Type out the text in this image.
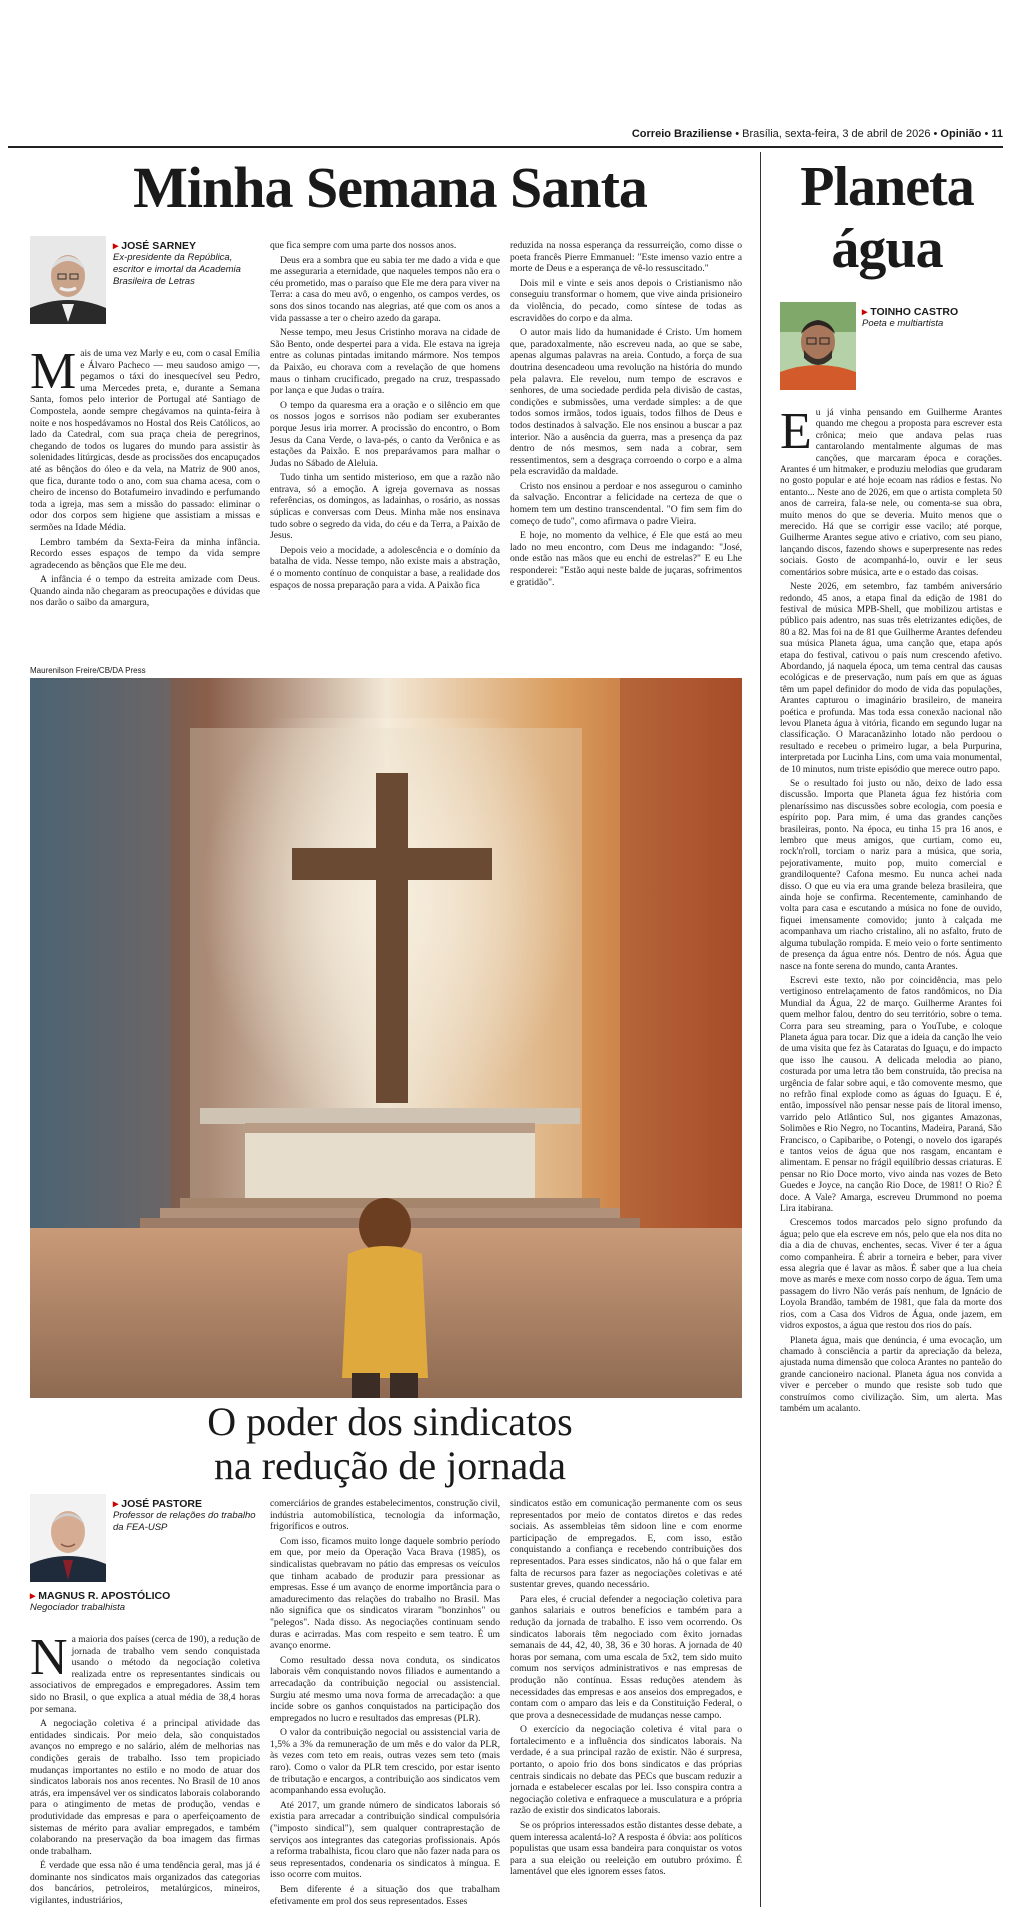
Correio Braziliense • Brasília, sexta-feira, 3 de abril de 2026 • Opinião • 11
Minha Semana Santa
▸ JOSÉ SARNEY
Ex-presidente da República, escritor e imortal da Academia Brasileira de Letras

Mais de uma vez Marly e eu, com o casal Emília e Álvaro Pacheco — meu saudoso amigo —, pegamos o táxi do inesquecível seu Pedro, uma Mercedes preta, e, durante a Semana Santa, fomos pelo interior de Portugal até Santiago de Compostela, aonde sempre chegávamos na quinta-feira à noite e nos hospedávamos no Hostal dos Reis Católicos, ao lado da Catedral, com sua praça cheia de peregrinos, chegando de todos os lugares do mundo para assistir às solenidades litúrgicas, desde as procissões dos encapuçados até as bênçãos do óleo e da vela, na Matriz de 900 anos, que fica, durante todo o ano, com sua chama acesa, com o cheiro de incenso do Botafumeiro invadindo e perfumando toda a igreja, mas sem a missão do passado: eliminar o odor dos corpos sem higiene que assistiam a missas e sermões na Idade Média.

Lembro também da Sexta-Feira da minha infância. Recordo esses espaços de tempo da vida sempre agradecendo as bênçãos que Ele me deu.

A infância é o tempo da estreita amizade com Deus. Quando ainda não chegaram as preocupações e dúvidas que nos darão o saibo da amargura,

que fica sempre com uma parte dos nossos anos.

Deus era a sombra que eu sabia ter me dado a vida e que me asseguraria a eternidade, que naqueles tempos não era o céu prometido, mas o paraíso que Ele me dera para viver na Terra: a casa do meu avô, o engenho, os campos verdes, os sons dos sinos tocando nas alegrias, até que com os anos a vida passasse a ter o cheiro azedo da garapa.

Nesse tempo, meu Jesus Cristinho morava na cidade de São Bento, onde despertei para a vida. Ele estava na igreja entre as colunas pintadas imitando mármore. Nos tempos da Paixão, eu chorava com a revelação de que homens maus o tinham crucificado, pregado na cruz, trespassado por lança e que Judas o traíra.

O tempo da quaresma era a oração e o silêncio em que os nossos jogos e sorrisos não podiam ser exuberantes porque Jesus iria morrer. A procissão do encontro, o Bom Jesus da Cana Verde, o lava-pés, o canto da Verônica e as estações da Paixão. E nos preparávamos para malhar o Judas no Sábado de Aleluia.

Tudo tinha um sentido misterioso, em que a razão não entrava, só a emoção. A igreja governava as nossas referências, os domingos, as ladainhas, o rosário, as nossas súplicas e conversas com Deus. Minha mãe nos ensinava tudo sobre o segredo da vida, do céu e da Terra, a Paixão de Jesus.

Depois veio a mocidade, a adolescência e o domínio da batalha de vida. Nesse tempo, não existe mais a abstração, é o momento contínuo de conquistar a base, a realidade dos espaços de nossa preparação para a vida. A Paixão fica

reduzida na nossa esperança da ressurreição, como disse o poeta francês Pierre Emmanuel: "Este imenso vazio entre a morte de Deus e a esperança de vê-lo ressuscitado."

Dois mil e vinte e seis anos depois o Cristianismo não conseguiu transformar o homem, que vive ainda prisioneiro da violência, do pecado, como síntese de todas as escravidões do corpo e da alma.

O autor mais lido da humanidade é Cristo. Um homem que, paradoxalmente, não escreveu nada, ao que se sabe, apenas algumas palavras na areia. Contudo, a força de sua doutrina desencadeou uma revolução na história do mundo pela palavra. Ele revelou, num tempo de escravos e senhores, de uma sociedade perdida pela divisão de castas, condições e submissões, uma verdade simples: a de que todos somos irmãos, todos iguais, todos filhos de Deus e todos destinados à salvação. Ele nos ensinou a buscar a paz interior. Não a ausência da guerra, mas a presença da paz dentro de nós mesmos, sem nada a cobrar, sem ressentimentos, sem a desgraça corroendo o corpo e a alma pela escravidão da maldade.

Cristo nos ensinou a perdoar e nos assegurou o caminho da salvação. Encontrar a felicidade na certeza de que o homem tem um destino transcendental. "O fim sem fim do começo de tudo", como afirmava o padre Vieira.

E hoje, no momento da velhice, é Ele que está ao meu lado no meu encontro, com Deus me indagando: "José, onde estão nas mãos que eu enchi de estrelas?" E eu Lhe responderei: "Estão aqui neste balde de juçaras, sofrimentos e gratidão".

Maurenilson Freire/CB/DA Press
O poder dos sindicatos
na redução de jornada
▸ JOSÉ PASTORE
Professor de relações do trabalho da FEA-USP
▸ MAGNUS R. APOSTÓLICO
Negociador trabalhista

Na maioria dos países (cerca de 190), a redução de jornada de trabalho vem sendo conquistada usando o método da negociação coletiva realizada entre os representantes sindicais ou associativos de empregados e empregadores. Assim tem sido no Brasil, o que explica a atual média de 38,4 horas por semana.

A negociação coletiva é a principal atividade das entidades sindicais. Por meio dela, são conquistados avanços no emprego e no salário, além de melhorias nas condições gerais de trabalho. Isso tem propiciado mudanças importantes no estilo e no modo de atuar dos sindicatos laborais nos anos recentes. No Brasil de 10 anos atrás, era impensável ver os sindicatos laborais colaborando para o atingimento de metas de produção, vendas e produtividade das empresas e para o aperfeiçoamento de sistemas de mérito para avaliar empregados, e também colaborando na preservação da boa imagem das firmas onde trabalham.

É verdade que essa não é uma tendência geral, mas já é dominante nos sindicatos mais organizados das categorias dos bancários, petroleiros, metalúrgicos, mineiros, vigilantes, industriários,

comerciários de grandes estabelecimentos, construção civil, indústria automobilística, tecnologia da informação, frigoríficos e outros.

Com isso, ficamos muito longe daquele sombrio período em que, por meio da Operação Vaca Brava (1985), os sindicalistas quebravam no pátio das empresas os veículos que tinham acabado de produzir para pressionar as empresas. Esse é um avanço de enorme importância para o amadurecimento das relações do trabalho no Brasil. Mas não significa que os sindicatos viraram "bonzinhos" ou "pelegos". Nada disso. As negociações continuam sendo duras e acirradas. Mas com respeito e sem teatro. É um avanço enorme.

Como resultado dessa nova conduta, os sindicatos laborais vêm conquistando novos filiados e aumentando a arrecadação da contribuição negocial ou assistencial. Surgiu até mesmo uma nova forma de arrecadação: a que incide sobre os ganhos conquistados na participação dos empregados no lucro e resultados das empresas (PLR).

O valor da contribuição negocial ou assistencial varia de 1,5% a 3% da remuneração de um mês e do valor da PLR, às vezes com teto em reais, outras vezes sem teto (mais raro). Como o valor da PLR tem crescido, por estar isento de tributação e encargos, a contribuição aos sindicatos vem acompanhando essa evolução.

Até 2017, um grande número de sindicatos laborais só existia para arrecadar a contribuição sindical compulsória ("imposto sindical"), sem qualquer contraprestação de serviços aos integrantes das categorias profissionais. Após a reforma trabalhista, ficou claro que não fazer nada para os seus representados, condenaria os sindicatos à míngua. E isso ocorre com muitos.

Bem diferente é a situação dos que trabalham efetivamente em prol dos seus representados. Esses

sindicatos estão em comunicação permanente com os seus representados por meio de contatos diretos e das redes sociais. As assembleias têm sidoon line e com enorme participação de empregados. E, com isso, estão conquistando a confiança e recebendo contribuições dos representados. Para esses sindicatos, não há o que falar em falta de recursos para fazer as negociações coletivas e até sustentar greves, quando necessário.

Para eles, é crucial defender a negociação coletiva para ganhos salariais e outros benefícios e também para a redução da jornada de trabalho. E isso vem ocorrendo. Os sindicatos laborais têm negociado com êxito jornadas semanais de 44, 42, 40, 38, 36 e 30 horas. A jornada de 40 horas por semana, com uma escala de 5x2, tem sido muito comum nos serviços administrativos e nas empresas de produção não contínua. Essas reduções atendem às necessidades das empresas e aos anseios dos empregados, e contam com o amparo das leis e da Constituição Federal, o que prova a desnecessidade de mudanças nesse campo.

O exercício da negociação coletiva é vital para o fortalecimento e a influência dos sindicatos laborais. Na verdade, é a sua principal razão de existir. Não é surpresa, portanto, o apoio frio dos bons sindicatos e das próprias centrais sindicais no debate das PECs que buscam reduzir a jornada e estabelecer escalas por lei. Isso conspira contra a negociação coletiva e enfraquece a musculatura e a própria razão de existir dos sindicatos laborais.

Se os próprios interessados estão distantes desse debate, a quem interessa acalentá-lo? A resposta é óbvia: aos políticos populistas que usam essa bandeira para conquistar os votos para a sua eleição ou reeleição em outubro próximo. É lamentável que eles ignorem esses fatos.

Planeta
água
▸ TOINHO CASTRO
Poeta e multiartista

Eu já vinha pensando em Guilherme Arantes quando me chegou a proposta para escrever esta crônica; meio que andava pelas ruas cantarolando mentalmente algumas de mas canções, que marcaram época e corações. Arantes é um hitmaker, e produziu melodias que grudaram no gosto popular e até hoje ecoam nas rádios e festas. No entanto... Neste ano de 2026, em que o artista completa 50 anos de carreira, fala-se nele, ou comenta-se sua obra, muito menos do que se deveria. Muito menos que o merecido. Há que se corrigir esse vacilo; até porque, Guilherme Arantes segue ativo e criativo, com seu piano, lançando discos, fazendo shows e superpresente nas redes sociais. Gosto de acompanhá-lo, ouvir e ler seus comentários sobre música, arte e o estado das coisas.

Neste 2026, em setembro, faz também aniversário redondo, 45 anos, a etapa final da edição de 1981 do festival de música MPB-Shell, que mobilizou artistas e público pais adentro, nas suas três eletrizantes edições, de 80 a 82. Mas foi na de 81 que Guilherme Arantes defendeu sua música Planeta água, uma canção que, etapa após etapa do festival, cativou o país num crescendo afetivo. Abordando, já naquela época, um tema central das causas ecológicas e de preservação, num país em que as águas têm um papel definidor do modo de vida das populações, Arantes capturou o imaginário brasileiro, de maneira poética e profunda. Mas toda essa conexão nacional não levou Planeta água à vitória, ficando em segundo lugar na classificação. O Maracanãzinho lotado não perdoou o resultado e recebeu o primeiro lugar, a bela Purpurina, interpretada por Lucinha Lins, com uma vaia monumental, de 10 minutos, num triste episódio que merece outro papo.

Se o resultado foi justo ou não, deixo de lado essa discussão. Importa que Planeta água fez história com plenaríssimo nas discussões sobre ecologia, com poesia e espírito pop. Para mim, é uma das grandes canções brasileiras, ponto. Na época, eu tinha 15 pra 16 anos, e lembro que meus amigos, que curtiam, como eu, rock'n'roll, torciam o nariz para a música, que soria, pejorativamente, muito pop, muito comercial e grandiloquente? Cafona mesmo. Eu nunca achei nada disso. O que eu via era uma grande beleza brasileira, que ainda hoje se confirma. Recentemente, caminhando de volta para casa e escutando a música no fone de ouvido, fiquei imensamente comovido; junto à calçada me acompanhava um riacho cristalino, ali no asfalto, fruto de alguma tubulação rompida. E meio veio o forte sentimento de presença da água entre nós. Dentro de nós. Água que nasce na fonte serena do mundo, canta Arantes.

Escrevi este texto, não por coincidência, mas pelo vertiginoso entrelaçamento de fatos randômicos, no Dia Mundial da Água, 22 de março. Guilherme Arantes foi quem melhor falou, dentro do seu território, sobre o tema. Corra para seu streaming, para o YouTube, e coloque Planeta água para tocar. Diz que a ideia da canção lhe veio de uma visita que fez às Cataratas do Iguaçu, e do impacto que isso lhe causou. A delicada melodia ao piano, costurada por uma letra tão bem construída, tão precisa na urgência de falar sobre aqui, e tão comovente mesmo, que no refrão final explode como as águas do Iguaçu. E é, então, impossível não pensar nesse país de litoral imenso, varrido pelo Atlântico Sul, nos gigantes Amazonas, Solimões e Rio Negro, no Tocantins, Madeira, Paraná, São Francisco, o Capibaribe, o Potengi, o novelo dos igarapés e tantos veios de água que nos rasgam, encantam e alimentam. E pensar no frágil equilíbrio dessas criaturas. E pensar no Rio Doce morto, vivo ainda nas vozes de Beto Guedes e Joyce, na canção Rio Doce, de 1981! O Rio? É doce. A Vale? Amarga, escreveu Drummond no poema Lira itabirana.

Crescemos todos marcados pelo signo profundo da água; pelo que ela escreve em nós, pelo que ela nos dita no dia a dia de chuvas, enchentes, secas. Viver é ter a água como companheira. É abrir a torneira e beber, para viver essa alegria que é lavar as mãos. É saber que a lua cheia move as marés e mexe com nosso corpo de água. Tem uma passagem do livro Não verás país nenhum, de Ignácio de Loyola Brandão, também de 1981, que fala da morte dos rios, com a Casa dos Vidros de Água, onde jazem, em vidros expostos, a água que restou dos rios do país.

Planeta água, mais que denúncia, é uma evocação, um chamado à consciência a partir da apreciação da beleza, ajustada numa dimensão que coloca Arantes no panteão do grande cancioneiro nacional. Planeta água nos convida a viver e perceber o mundo que resiste sob tudo que construímos como civilização. Sim, um alerta. Mas também um acalanto.
